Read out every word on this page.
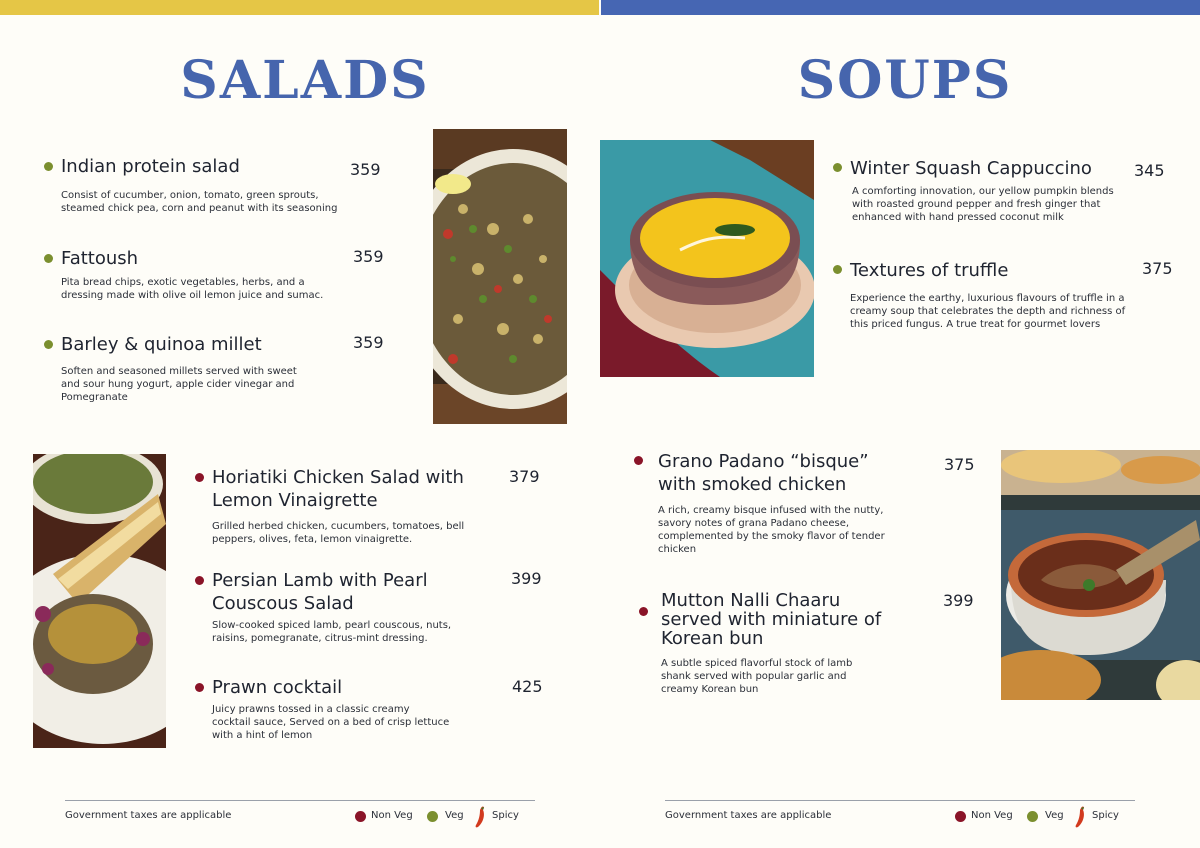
SALADS	SOUPS
Indian protein salad	359
Consist of cucumber, onion, tomato, green sprouts,
steamed chick pea, corn and peanut with its seasoning
Fattoush	359
Pita bread chips, exotic vegetables, herbs, and a
dressing made with olive oil lemon juice and sumac.
Barley & quinoa millet	359
Soften and seasoned millets served with sweet
and sour hung yogurt, apple cider vinegar and
Pomegranate
Horiatiki Chicken Salad with
Lemon Vinaigrette
379
Grilled herbed chicken, cucumbers, tomatoes, bell
peppers, olives, feta, lemon vinaigrette.
Persian Lamb with Pearl
Couscous Salad
399
Slow-cooked spiced lamb, pearl couscous, nuts,
raisins, pomegranate, citrus-mint dressing.
Prawn cocktail	425
Juicy prawns tossed in a classic creamy
cocktail sauce, Served on a bed of crisp lettuce
with a hint of lemon
Government taxes are applicable	Non Veg	Veg	Spicy
Winter Squash Cappuccino	345
A comforting innovation, our yellow pumpkin blends
with roasted ground pepper and fresh ginger that
enhanced with hand pressed coconut milk
Textures of truffle	375
Experience the earthy, luxurious flavours of truffle in a
creamy soup that celebrates the depth and richness of
this priced fungus. A true treat for gourmet lovers
Grano Padano “bisque”
with smoked chicken
375
A rich, creamy bisque infused with the nutty,
savory notes of grana Padano cheese,
complemented by the smoky flavor of tender
chicken
Mutton Nalli Chaaru
served with miniature of
Korean bun
399
A subtle spiced flavorful stock of lamb
shank served with popular garlic and
creamy Korean bun
Government taxes are applicable	Non Veg	Veg	Spicy
